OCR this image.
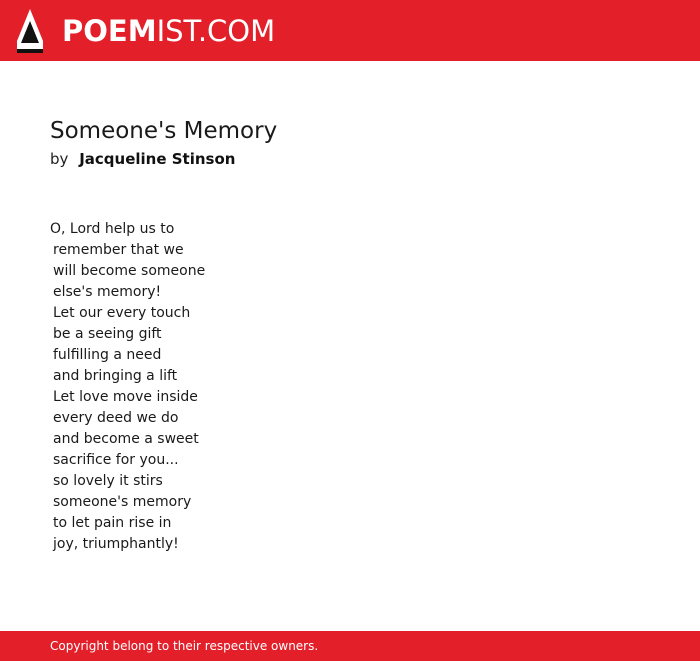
POEMIST.COM
Someone's Memory
by Jacqueline Stinson
O, Lord help us to
remember that we
will become someone
else's memory!
Let our every touch
be a seeing gift
fulfilling a need
and bringing a lift
Let love move inside
every deed we do
and become a sweet
sacrifice for you...
so lovely it stirs
someone's memory
to let pain rise in
joy, triumphantly!
Copyright belong to their respective owners.
